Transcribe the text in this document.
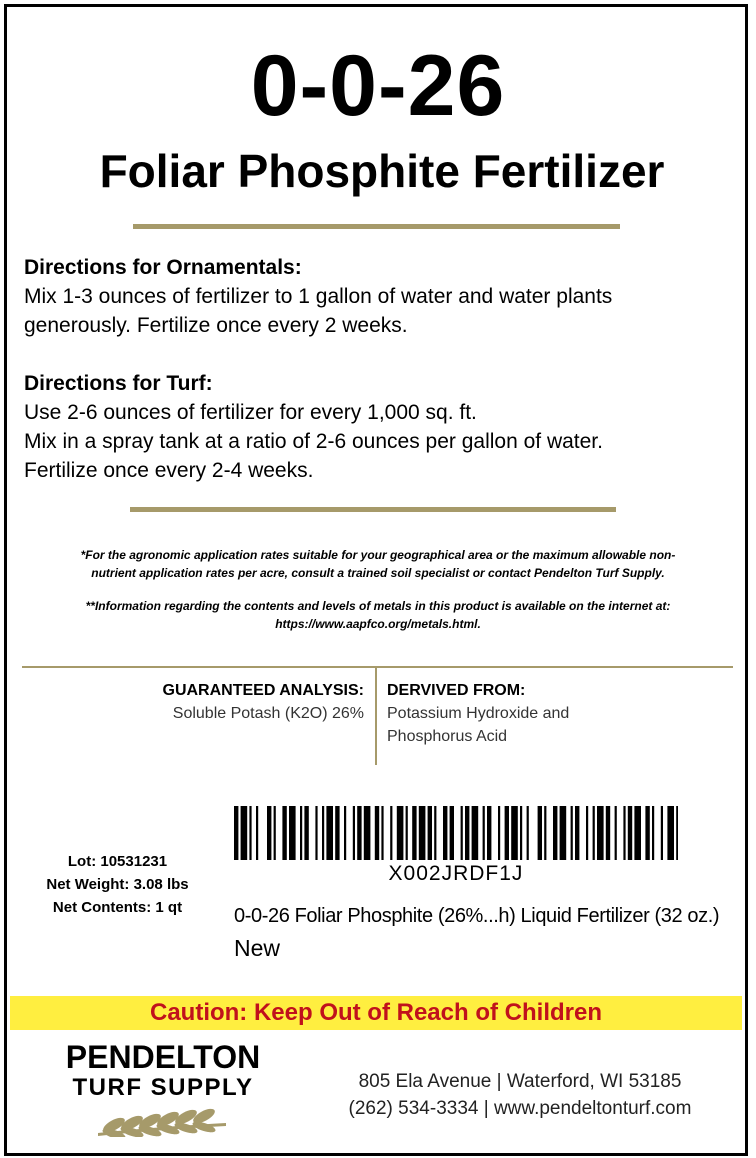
0-0-26
Foliar Phosphite Fertilizer
Directions for Ornamentals:
Mix 1-3 ounces of fertilizer to 1 gallon of water and water plants
generously. Fertilize once every 2 weeks.
Directions for Turf:
Use 2-6 ounces of fertilizer for every 1,000 sq. ft.
Mix in a spray tank at a ratio of 2-6 ounces per gallon of water.
Fertilize once every 2-4 weeks.
*For the agronomic application rates suitable for your geographical area or the maximum allowable non-
nutrient application rates per acre, consult a trained soil specialist or contact Pendelton Turf Supply.
**Information regarding the contents and levels of metals in this product is available on the internet at:
https://www.aapfco.org/metals.html.
GUARANTEED ANALYSIS:
Soluble Potash (K2O) 26%
DERVIVED FROM:
Potassium Hydroxide and
Phosphorus Acid
Lot: 10531231
Net Weight: 3.08 lbs
Net Contents: 1 qt
X002JRDF1J
0-0-26 Foliar Phosphite (26%...h) Liquid Fertilizer (32 oz.)
New
Caution: Keep Out of Reach of Children
PENDELTON
TURF SUPPLY	805 Ela Avenue | Waterford, WI 53185
(262) 534-3334 | www.pendeltonturf.com
